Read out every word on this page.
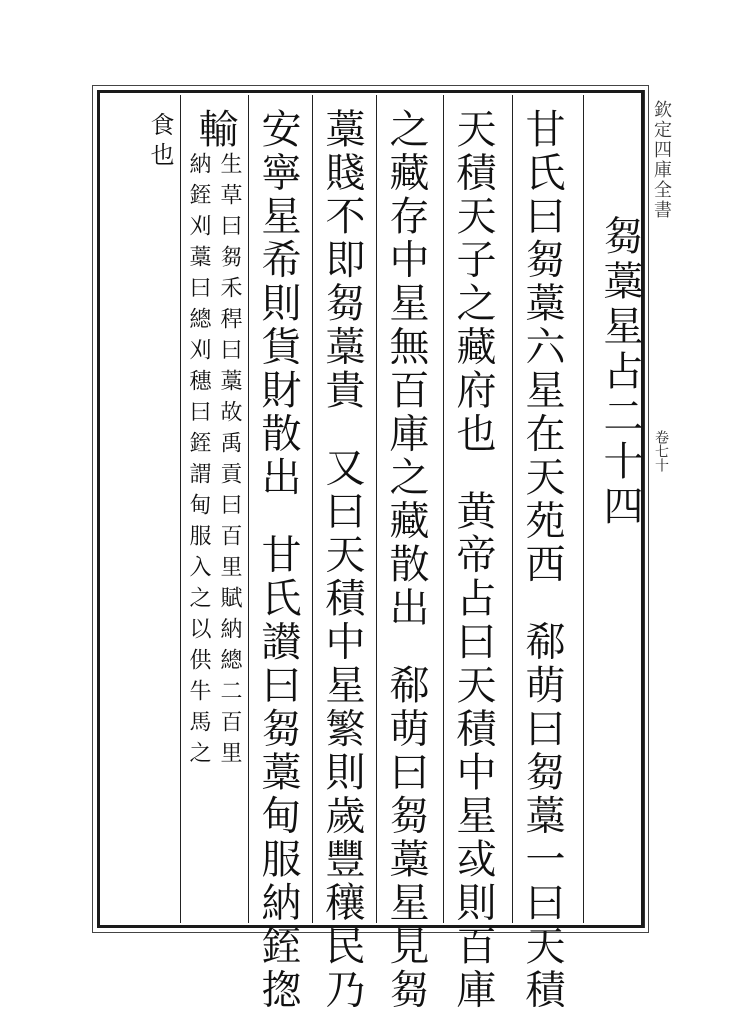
欽定四庫全書
卷七十
芻藁星占二十四
甘氏曰芻藁六星在天苑西郗萌曰芻藁一曰天積
天積天子之藏府也黄帝占曰天積中星㦯則百庫
之藏存中星無百庫之藏散出郗萌曰芻藁星見芻
藁賤不即芻藁貴又曰天積中星繁則歲豐穰民乃
安寧星希則貨財散出甘氏讃曰芻藁甸服納銍揔
輸
生草曰芻禾稈曰藁故禹貢曰百里賦納總二百里
納銍刈藁曰總刈穗曰銍謂甸服入之以供牛馬之
食也
